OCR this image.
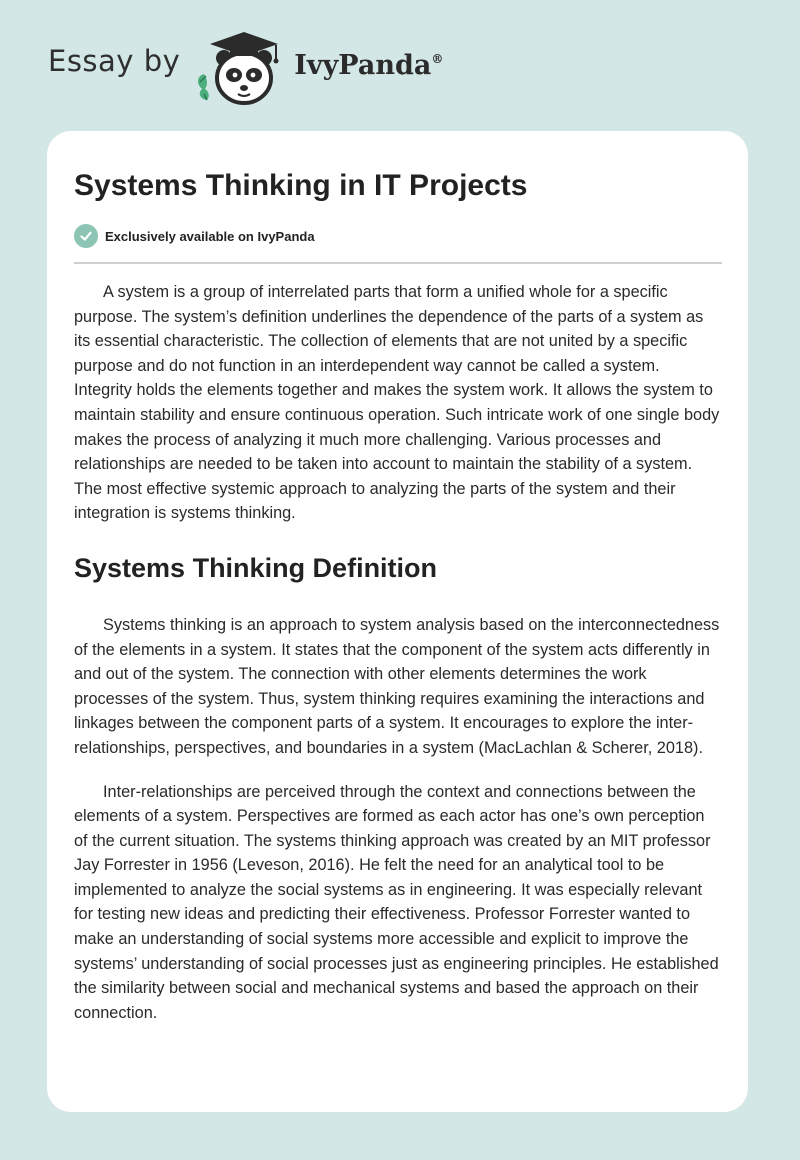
Essay by	IvyPanda®
Systems Thinking in IT Projects
Exclusively available on IvyPanda

A system is a group of interrelated parts that form a unified whole for a specific purpose. The system’s definition underlines the dependence of the parts of a system as its essential characteristic. The collection of elements that are not united by a specific purpose and do not function in an interdependent way cannot be called a system. Integrity holds the elements together and makes the system work. It allows the system to maintain stability and ensure continuous operation. Such intricate work of one single body makes the process of analyzing it much more challenging. Various processes and relationships are needed to be taken into account to maintain the stability of a system. The most effective systemic approach to analyzing the parts of the system and their integration is systems thinking.

Systems Thinking Definition

Systems thinking is an approach to system analysis based on the interconnectedness of the elements in a system. It states that the component of the system acts differently in and out of the system. The connection with other elements determines the work processes of the system. Thus, system thinking requires examining the interactions and linkages between the component parts of a system. It encourages to explore the inter-relationships, perspectives, and boundaries in a system (MacLachlan & Scherer, 2018).

Inter-relationships are perceived through the context and connections between the elements of a system. Perspectives are formed as each actor has one’s own perception of the current situation. The systems thinking approach was created by an MIT professor Jay Forrester in 1956 (Leveson, 2016). He felt the need for an analytical tool to be implemented to analyze the social systems as in engineering. It was especially relevant for testing new ideas and predicting their effectiveness. Professor Forrester wanted to make an understanding of social systems more accessible and explicit to improve the systems’ understanding of social processes just as engineering principles. He established the similarity between social and mechanical systems and based the approach on their connection.
